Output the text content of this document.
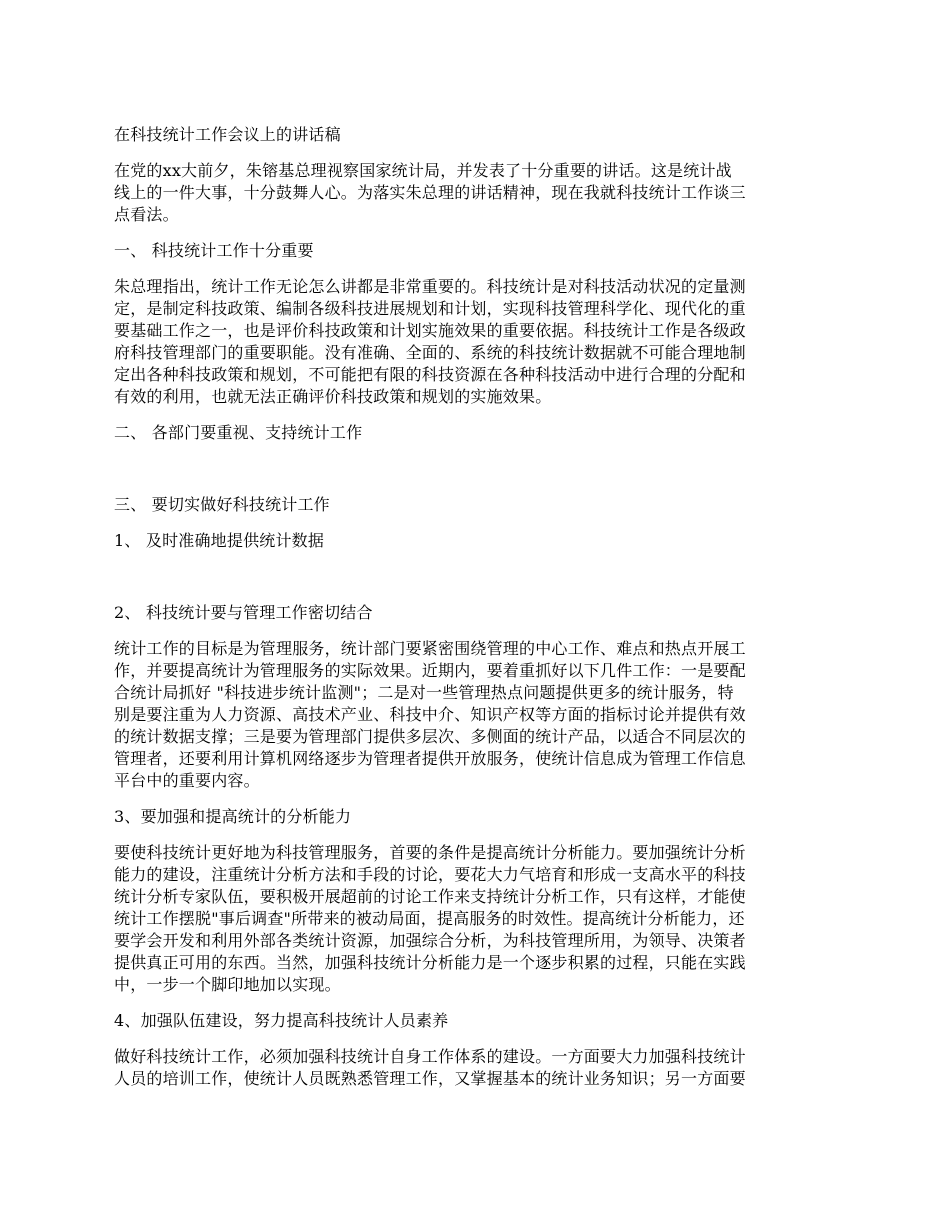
在科技统计工作会议上的讲话稿
在党的xx大前夕，朱镕基总理视察国家统计局，并发表了十分重要的讲话。这是统计战
线上的一件大事，十分鼓舞人心。为落实朱总理的讲话精神，现在我就科技统计工作谈三
点看法。
一、 科技统计工作十分重要
朱总理指出，统计工作无论怎么讲都是非常重要的。科技统计是对科技活动状况的定量测
定，是制定科技政策、编制各级科技进展规划和计划，实现科技管理科学化、现代化的重
要基础工作之一，也是评价科技政策和计划实施效果的重要依据。科技统计工作是各级政
府科技管理部门的重要职能。没有准确、全面的、系统的科技统计数据就不可能合理地制
定出各种科技政策和规划，不可能把有限的科技资源在各种科技活动中进行合理的分配和
有效的利用，也就无法正确评价科技政策和规划的实施效果。
二、 各部门要重视、支持统计工作
三、 要切实做好科技统计工作
1、 及时准确地提供统计数据
2、 科技统计要与管理工作密切结合
统计工作的目标是为管理服务，统计部门要紧密围绕管理的中心工作、难点和热点开展工
作，并要提高统计为管理服务的实际效果。近期内，要着重抓好以下几件工作：一是要配
合统计局抓好 "科技进步统计监测"；二是对一些管理热点问题提供更多的统计服务，特
别是要注重为人力资源、高技术产业、科技中介、知识产权等方面的指标讨论并提供有效
的统计数据支撑；三是要为管理部门提供多层次、多侧面的统计产品，以适合不同层次的
管理者，还要利用计算机网络逐步为管理者提供开放服务，使统计信息成为管理工作信息
平台中的重要内容。
3、要加强和提高统计的分析能力
要使科技统计更好地为科技管理服务，首要的条件是提高统计分析能力。要加强统计分析
能力的建设，注重统计分析方法和手段的讨论，要花大力气培育和形成一支高水平的科技
统计分析专家队伍，要积极开展超前的讨论工作来支持统计分析工作，只有这样，才能使
统计工作摆脱"事后调查"所带来的被动局面，提高服务的时效性。提高统计分析能力，还
要学会开发和利用外部各类统计资源，加强综合分析，为科技管理所用，为领导、决策者
提供真正可用的东西。当然，加强科技统计分析能力是一个逐步积累的过程，只能在实践
中，一步一个脚印地加以实现。
4、加强队伍建设，努力提高科技统计人员素养
做好科技统计工作，必须加强科技统计自身工作体系的建设。一方面要大力加强科技统计
人员的培训工作，使统计人员既熟悉管理工作，又掌握基本的统计业务知识；另一方面要
